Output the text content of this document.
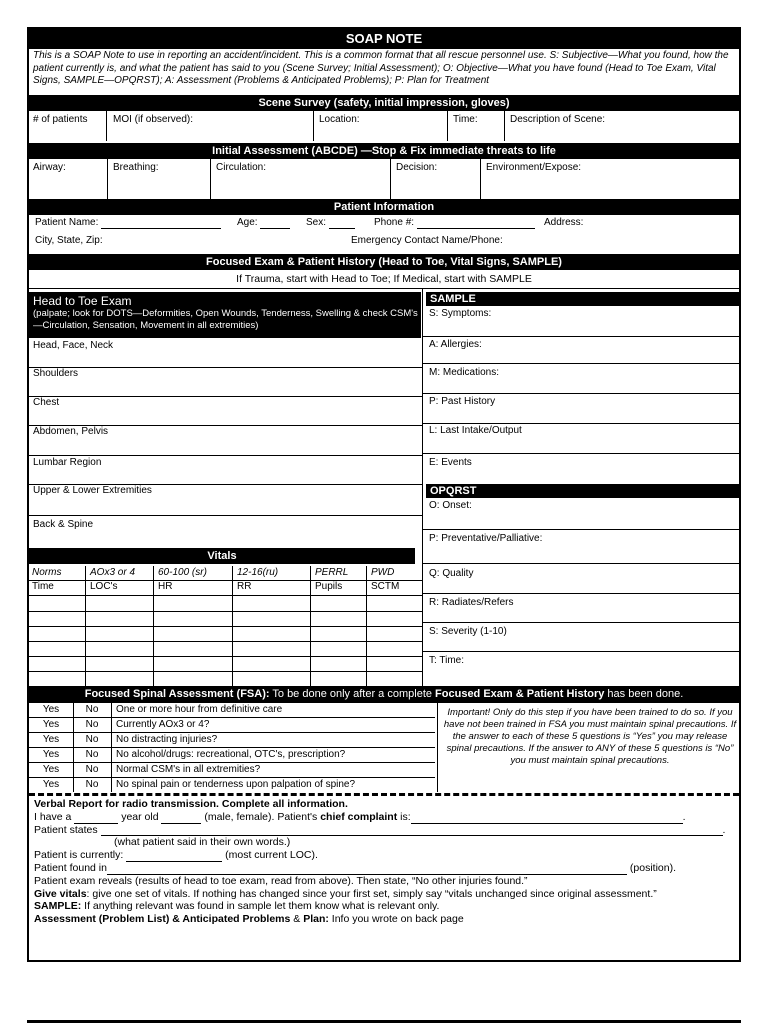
SOAP NOTE
This is a SOAP Note to use in reporting an accident/incident. This is a common format that all rescue personnel use. S: Subjective—What you found, how the patient currently is, and what the patient has said to you (Scene Survey; Initial Assessment); O: Objective—What you have found (Head to Toe Exam, Vital Signs, SAMPLE—OPQRST); A: Assessment (Problems & Anticipated Problems); P: Plan for Treatment
Scene Survey (safety, initial impression, gloves)
# of patients	MOI (if observed):	Location:	Time:	Description of Scene:
Initial Assessment (ABCDE) —Stop & Fix immediate threats to life
Airway:	Breathing:	Circulation:	Decision:	Environment/Expose:
Patient Information
Patient Name:	Age:	Sex:	Phone #:	Address:
City, State, Zip:	Emergency Contact Name/Phone:
Focused Exam & Patient History (Head to Toe, Vital Signs, SAMPLE)
If Trauma, start with Head to Toe; If Medical, start with SAMPLE
Head to Toe Exam
(palpate; look for DOTS—Deformities, Open Wounds, Tenderness, Swelling & check CSM's—Circulation, Sensation, Movement in all extremities)
Head, Face, Neck
Shoulders
Chest
Abdomen, Pelvis
Lumbar Region
Upper & Lower Extremities
Back & Spine
Vitals
Norms	AOx3 or 4	60-100 (sr)	12-16(ru)	PERRL	PWD
Time	LOC's	HR	RR	Pupils	SCTM
SAMPLE
S: Symptoms:
A: Allergies:
M: Medications:
P: Past History
L: Last Intake/Output
E: Events
OPQRST
O: Onset:
P: Preventative/Palliative:
Q: Quality
R: Radiates/Refers
S: Severity (1-10)
T: Time:
Focused Spinal Assessment (FSA): To be done only after a complete Focused Exam & Patient History has been done.
Yes	No	One or more hour from definitive care
Yes	No	Currently AOx3 or 4?
Yes	No	No distracting injuries?
Yes	No	No alcohol/drugs: recreational, OTC's, prescription?
Yes	No	Normal CSM's in all extremities?
Yes	No	No spinal pain or tenderness upon palpation of spine?
Important! Only do this step if you have been trained to do so. If you have not been trained in FSA you must maintain spinal precautions. If the answer to each of these 5 questions is “Yes” you may release spinal precautions. If the answer to ANY of these 5 questions is “No” you must maintain spinal precautions.
Verbal Report for radio transmission. Complete all information.
I have a	year old	(male, female). Patient's chief complaint is:	.
Patient states	.
(what patient said in their own words.)
Patient is currently:	(most current LOC).
Patient found in	(position).
Patient exam reveals (results of head to toe exam, read from above). Then state, “No other injuries found.”
Give vitals: give one set of vitals. If nothing has changed since your first set, simply say “vitals unchanged since original assessment.”
SAMPLE: If anything relevant was found in sample let them know what is relevant only.
Assessment (Problem List) & Anticipated Problems & Plan: Info you wrote on back page
